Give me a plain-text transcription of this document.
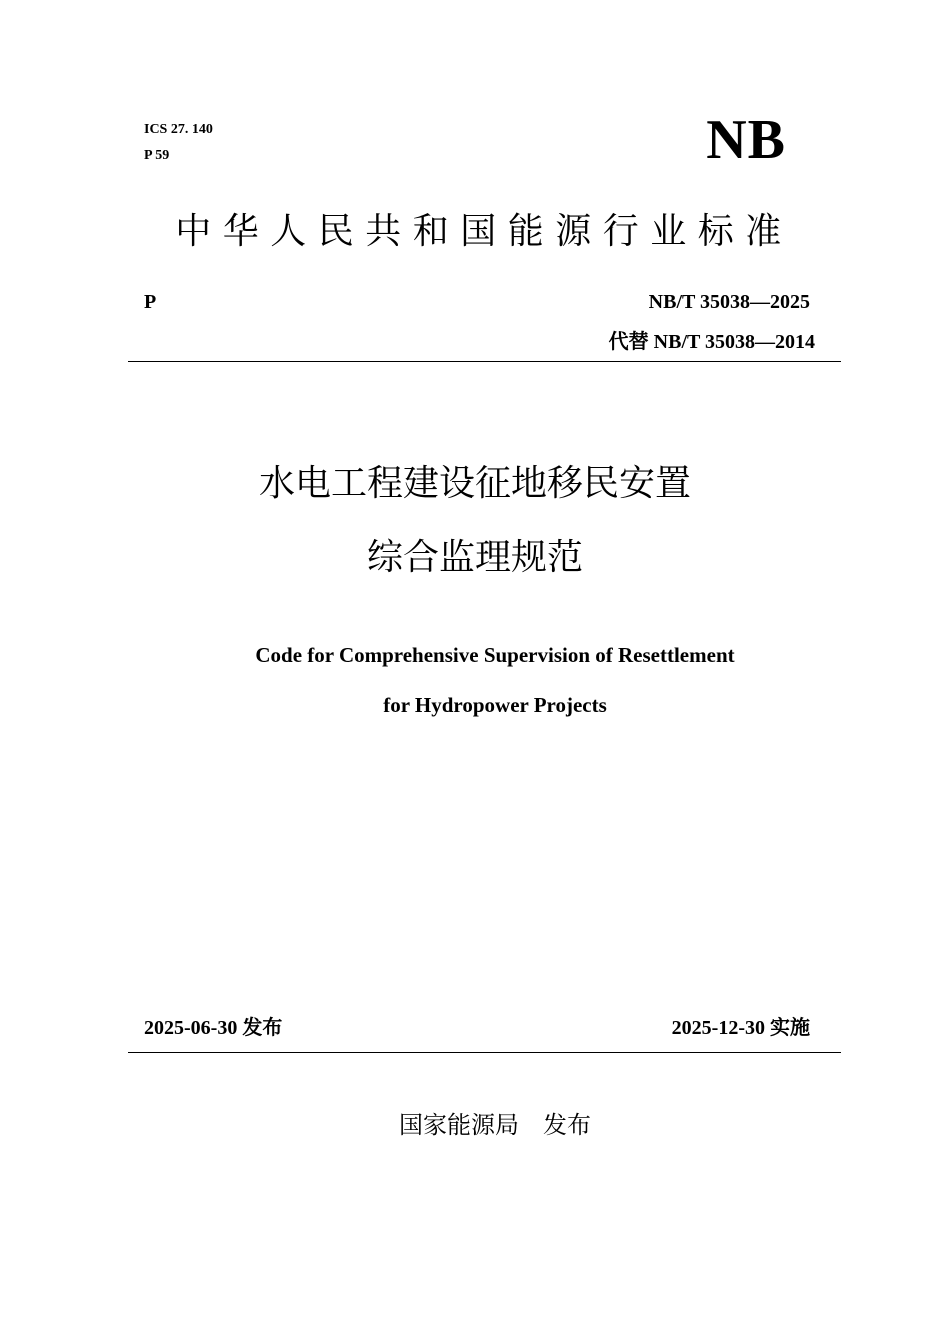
ICS 27. 140

P 59	NB

中华人民共和国能源行业标准

P	NB/T 35038—2025

代替 NB/T 35038—2014

水电工程建设征地移民安置
综合监理规范

Code for Comprehensive Supervision of Resettlement

for Hydropower Projects

2025-06-30 发布	2025-12-30 实施

国家能源局　发布
